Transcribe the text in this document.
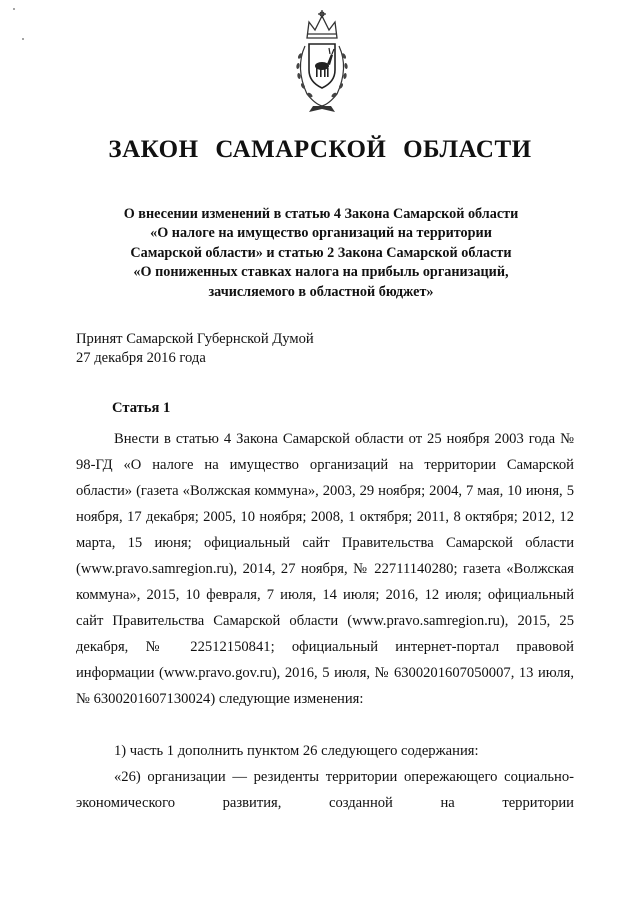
ЗАКОН САМАРСКОЙ ОБЛАСТИ
О внесении изменений в статью 4 Закона Самарской области
«О налоге на имущество организаций на территории
Самарской области» и статью 2 Закона Самарской области
«О пониженных ставках налога на прибыль организаций,
зачисляемого в областной бюджет»
Принят Самарской Губернской Думой
27 декабря 2016 года
Статья 1

Внести в статью 4 Закона Самарской области от 25 ноября 2003 года № 98-ГД «О налоге на имущество организаций на территории Самарской области» (газета «Волжская коммуна», 2003, 29 ноября; 2004, 7 мая, 10 июня, 5 ноября, 17 декабря; 2005, 10 ноября; 2008, 1 октября; 2011, 8 октября; 2012, 12 марта, 15 июня; официальный сайт Правительства Самарской области (www.pravo.samregion.ru), 2014, 27 ноября, № 22711140280; газета «Волжская коммуна», 2015, 10 февраля, 7 июля, 14 июля; 2016, 12 июля; официальный сайт Правительства Самарской области (www.pravo.samregion.ru), 2015, 25 декабря, № 22512150841; официальный интернет-портал правовой информации (www.pravo.gov.ru), 2016, 5 июля, № 6300201607050007, 13 июля, № 6300201607130024) следующие изменения:

1) часть 1 дополнить пунктом 26 следующего содержания:

«26) организации — резиденты территории опережающего социально-экономического развития, созданной на территории
